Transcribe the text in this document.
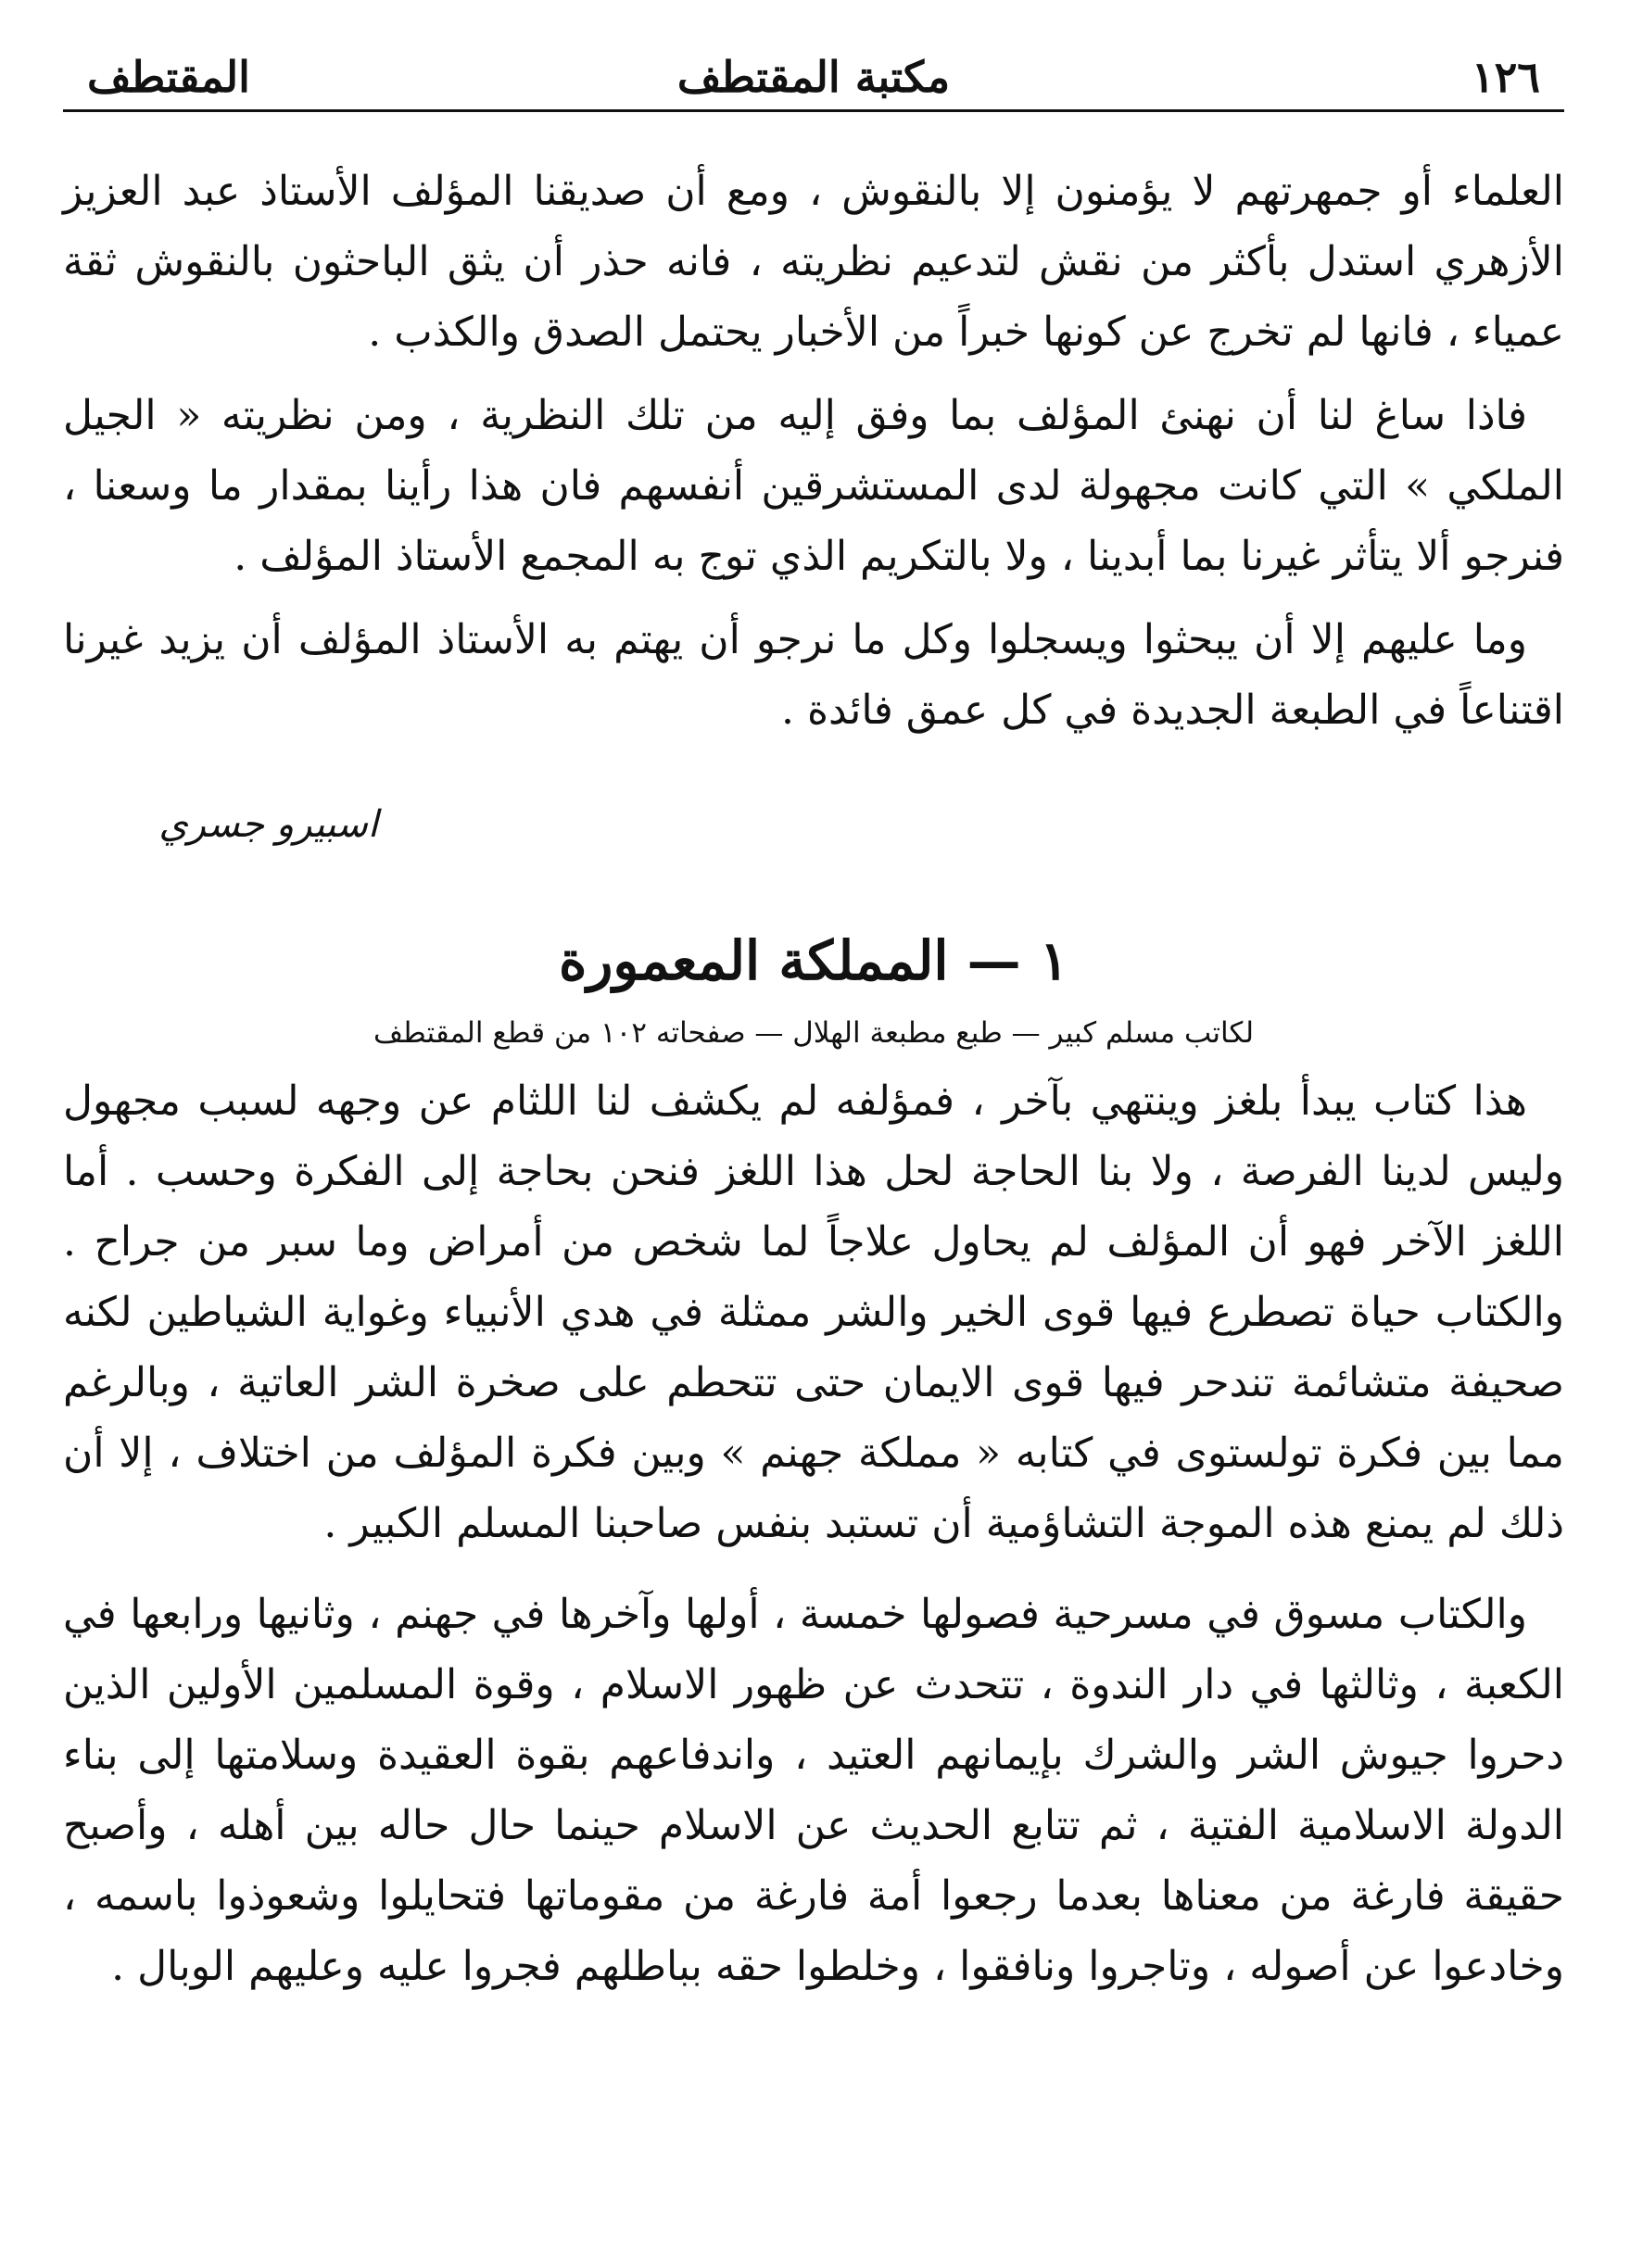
١٢٦
مكتبة المقتطف
المقتطف

العلماء أو جمهرتهم لا يؤمنون إلا بالنقوش ، ومع أن صديقنا المؤلف الأستاذ عبد العزيز الأزهري استدل بأكثر من نقش لتدعيم نظريته ، فانه حذر أن يثق الباحثون بالنقوش ثقة عمياء ، فانها لم تخرج عن كونها خبراً من الأخبار يحتمل الصدق والكذب .

فاذا ساغ لنا أن نهنئ المؤلف بما وفق إليه من تلك النظرية ، ومن نظريته « الجيل الملكي » التي كانت مجهولة لدى المستشرقين أنفسهم فان هذا رأينا بمقدار ما وسعنا ، فنرجو ألا يتأثر غيرنا بما أبدينا ، ولا بالتكريم الذي توج به المجمع الأستاذ المؤلف .

وما عليهم إلا أن يبحثوا ويسجلوا وكل ما نرجو أن يهتم به الأستاذ المؤلف أن يزيد غيرنا اقتناعاً في الطبعة الجديدة في كل عمق فائدة .

اسبيرو جسري
١ — المملكة المعمورة
لكاتب مسلم كبير — طبع مطبعة الهلال — صفحاته ١٠٢ من قطع المقتطف

هذا كتاب يبدأ بلغز وينتهي بآخر ، فمؤلفه لم يكشف لنا اللثام عن وجهه لسبب مجهول وليس لدينا الفرصة ، ولا بنا الحاجة لحل هذا اللغز فنحن بحاجة إلى الفكرة وحسب . أما اللغز الآخر فهو أن المؤلف لم يحاول علاجاً لما شخص من أمراض وما سبر من جراح . والكتاب حياة تصطرع فيها قوى الخير والشر ممثلة في هدي الأنبياء وغواية الشياطين لكنه صحيفة متشائمة تندحر فيها قوى الايمان حتى تتحطم على صخرة الشر العاتية ، وبالرغم مما بين فكرة تولستوى في كتابه « مملكة جهنم » وبين فكرة المؤلف من اختلاف ، إلا أن ذلك لم يمنع هذه الموجة التشاؤمية أن تستبد بنفس صاحبنا المسلم الكبير .

والكتاب مسوق في مسرحية فصولها خمسة ، أولها وآخرها في جهنم ، وثانيها ورابعها في الكعبة ، وثالثها في دار الندوة ، تتحدث عن ظهور الاسلام ، وقوة المسلمين الأولين الذين دحروا جيوش الشر والشرك بإيمانهم العتيد ، واندفاعهم بقوة العقيدة وسلامتها إلى بناء الدولة الاسلامية الفتية ، ثم تتابع الحديث عن الاسلام حينما حال حاله بين أهله ، وأصبح حقيقة فارغة من معناها بعدما رجعوا أمة فارغة من مقوماتها فتحايلوا وشعوذوا باسمه ، وخادعوا عن أصوله ، وتاجروا ونافقوا ، وخلطوا حقه بباطلهم فجروا عليه وعليهم الوبال .
